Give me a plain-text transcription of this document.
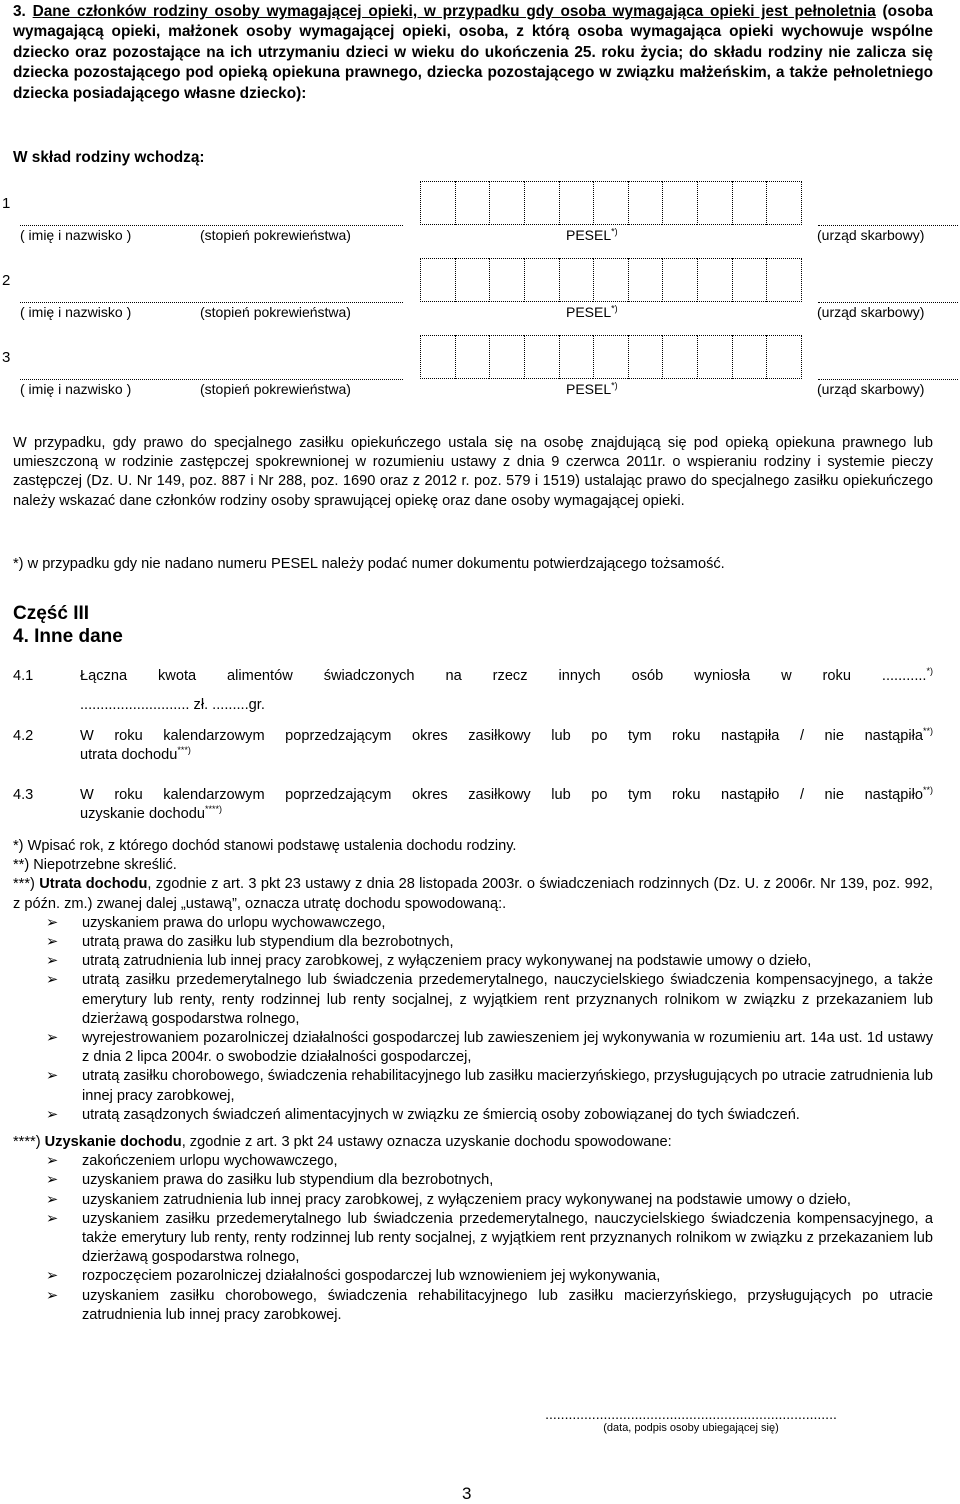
3. Dane członków rodziny osoby wymagającej opieki, w przypadku gdy osoba wymagająca opieki jest pełnoletnia (osoba wymagającą opieki, małżonek osoby wymagającej opieki, osoba, z którą osoba wymagająca opieki wychowuje wspólne dziecko oraz pozostające na ich utrzymaniu dzieci w wieku do ukończenia 25. roku życia; do składu rodziny nie zalicza się dziecka pozostającego pod opieką opiekuna prawnego, dziecka pozostającego w związku małżeńskim, a także pełnoletniego dziecka posiadającego własne dziecko):
W skład rodziny wchodzą:
1
( imię i nazwisko )	(stopień pokrewieństwa)	PESEL*)	(urząd skarbowy)
2
( imię i nazwisko )	(stopień pokrewieństwa)	PESEL*)	(urząd skarbowy)
3
( imię i nazwisko )	(stopień pokrewieństwa)	PESEL*)	(urząd skarbowy)
W przypadku, gdy prawo do specjalnego zasiłku opiekuńczego ustala się na osobę znajdującą się pod opieką opiekuna prawnego lub umieszczoną w rodzinie zastępczej spokrewnionej w rozumieniu ustawy z dnia 9 czerwca 2011r. o wspieraniu rodziny i systemie pieczy zastępczej (Dz. U. Nr 149, poz. 887 i Nr 288, poz. 1690 oraz z 2012 r. poz. 579 i 1519) ustalając prawo do specjalnego zasiłku opiekuńczego należy wskazać dane członków rodziny osoby sprawującej opiekę oraz dane osoby wymagającej opieki.
*) w przypadku gdy nie nadano numeru PESEL należy podać numer dokumentu potwierdzającego tożsamość.
Część III
4. Inne dane
4.1	Łączna kwota alimentów świadczonych na rzecz innych osób wyniosła w roku ...........*)
........................... zł. .........gr.
4.2	W roku kalendarzowym poprzedzającym okres zasiłkowy lub po tym roku nastąpiła / nie nastąpiła**)
utrata dochodu***)
4.3	W roku kalendarzowym poprzedzającym okres zasiłkowy lub po tym roku nastąpiło / nie nastąpiło**)
uzyskanie dochodu****)
*) Wpisać rok, z którego dochód stanowi podstawę ustalenia dochodu rodziny.
**) Niepotrzebne skreślić.
***) Utrata dochodu, zgodnie z art. 3 pkt 23 ustawy z dnia 28 listopada 2003r. o świadczeniach rodzinnych (Dz. U. z 2006r. Nr 139, poz. 992, z późn. zm.) zwanej dalej „ustawą”, oznacza utratę dochodu spowodowaną:.
➢ uzyskaniem prawa do urlopu wychowawczego,
➢ utratą prawa do zasiłku lub stypendium dla bezrobotnych,
➢ utratą zatrudnienia lub innej pracy zarobkowej, z wyłączeniem pracy wykonywanej na podstawie umowy o dzieło,
➢ utratą zasiłku przedemerytalnego lub świadczenia przedemerytalnego, nauczycielskiego świadczenia kompensacyjnego, a także emerytury lub renty, renty rodzinnej lub renty socjalnej, z wyjątkiem rent przyznanych rolnikom w związku z przekazaniem lub dzierżawą gospodarstwa rolnego,
➢ wyrejestrowaniem pozarolniczej działalności gospodarczej lub zawieszeniem jej wykonywania w rozumieniu art. 14a ust. 1d ustawy z dnia 2 lipca 2004r. o swobodzie działalności gospodarczej,
➢ utratą zasiłku chorobowego, świadczenia rehabilitacyjnego lub zasiłku macierzyńskiego, przysługujących po utracie zatrudnienia lub innej pracy zarobkowej,
➢ utratą zasądzonych świadczeń alimentacyjnych w związku ze śmiercią osoby zobowiązanej do tych świadczeń.
****) Uzyskanie dochodu, zgodnie z art. 3 pkt 24 ustawy oznacza uzyskanie dochodu spowodowane:
➢ zakończeniem urlopu wychowawczego,
➢ uzyskaniem prawa do zasiłku lub stypendium dla bezrobotnych,
➢ uzyskaniem zatrudnienia lub innej pracy zarobkowej, z wyłączeniem pracy wykonywanej na podstawie umowy o dzieło,
➢ uzyskaniem zasiłku przedemerytalnego lub świadczenia przedemerytalnego, nauczycielskiego świadczenia kompensacyjnego, a także emerytury lub renty, renty rodzinnej lub renty socjalnej, z wyjątkiem rent przyznanych rolnikom w związku z przekazaniem lub dzierżawą gospodarstwa rolnego,
➢ rozpoczęciem pozarolniczej działalności gospodarczej lub wznowieniem jej wykonywania,
➢ uzyskaniem zasiłku chorobowego, świadczenia rehabilitacyjnego lub zasiłku macierzyńskiego, przysługujących po utracie zatrudnienia lub innej pracy zarobkowej.
...........................................................................
(data, podpis osoby ubiegającej się)
3
